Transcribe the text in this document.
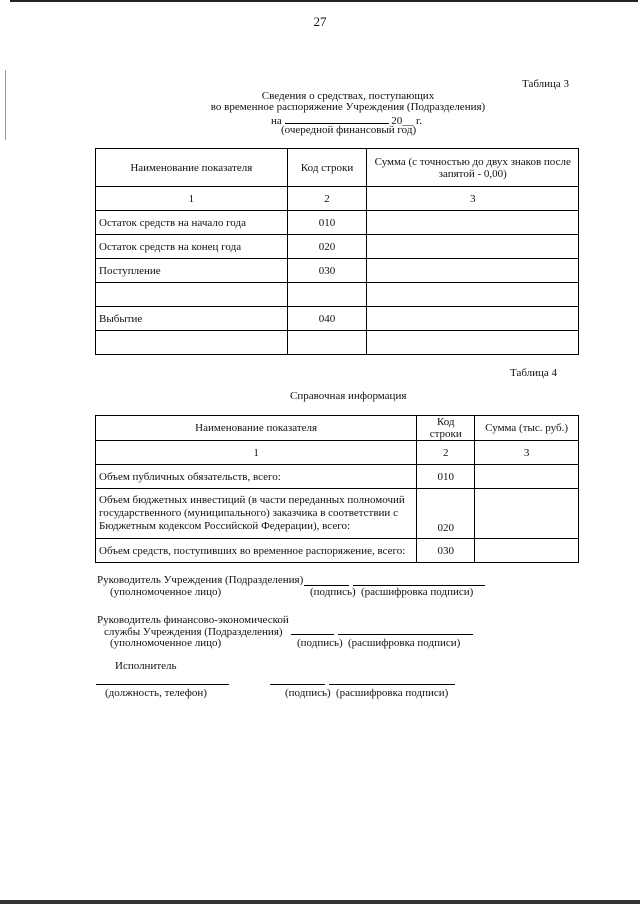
27
Таблица 3
Сведения о средствах, поступающих
во временное распоряжение Учреждения (Подразделения)
на	20__ г.
(очередной финансовый год)
Наименование показателя	Код строки	Сумма (с точностью до двух знаков после запятой - 0,00)
1	2	3
Остаток средств на начало года	010	
Остаток средств на конец года	020	
Поступление	030	

Выбытие	040	

Таблица 4
Справочная информация
Наименование показателя	Код строки	Сумма (тыс. руб.)
1	2	3
Объем публичных обязательств, всего:	010	
Объем бюджетных инвестиций (в части переданных полномочий государственного (муниципального) заказчика в соответствии с Бюджетным кодексом Российской Федерации), всего:	020	
Объем средств, поступивших во временное распоряжение, всего:	030	
Руководитель Учреждения (Подразделения)
(уполномоченное лицо)	(подпись) (расшифровка подписи)
Руководитель финансово-экономической
службы Учреждения (Подразделения)
(уполномоченное лицо)	(подпись) (расшифровка подписи)
Исполнитель
(должность, телефон)	(подпись) (расшифровка подписи)
